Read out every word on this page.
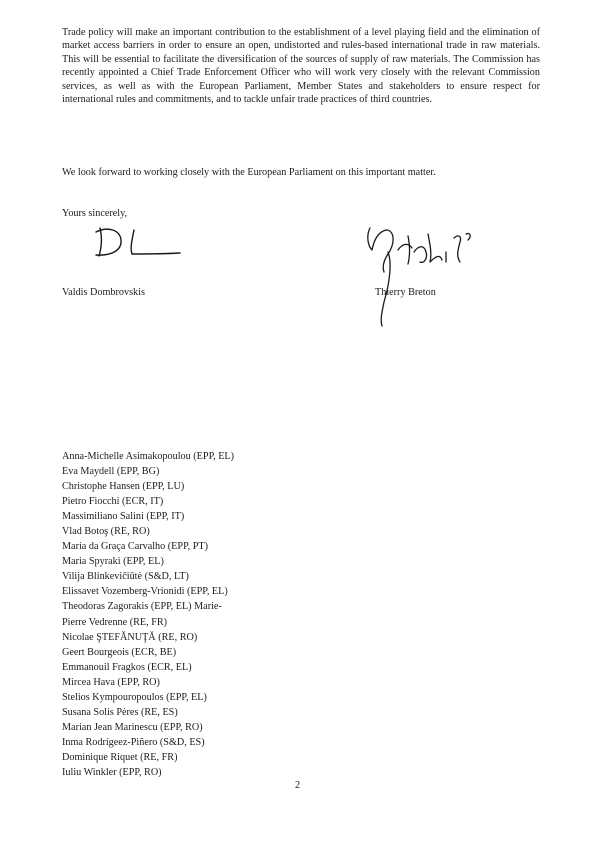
Trade policy will make an important contribution to the establishment of a level playing field and the elimination of market access barriers in order to ensure an open, undistorted and rules-based international trade in raw materials. This will be essential to facilitate the diversification of the sources of supply of raw materials. The Commission has recently appointed a Chief Trade Enforcement Officer who will work very closely with the relevant Commission services, as well as with the European Parliament, Member States and stakeholders to ensure respect for international rules and commitments, and to tackle unfair trade practices of third countries.

We look forward to working closely with the European Parliament on this important matter.

Yours sincerely,
Valdis Dombrovskis	Thierry Breton
Anna-Michelle Asimakopoulou (EPP, EL)
Eva Maydell (EPP, BG)
Christophe Hansen (EPP, LU)
Pietro Fiocchi (ECR, IT)
Massimiliano Salini (EPP, IT)
Vlad Botoş (RE, RO)
Maria da Graça Carvalho (EPP, PT)
Maria Spyraki (EPP, EL)
Vilija Blinkevičiūtė (S&D, LT)
Elissavet Vozemberg-Vrionidi (EPP, EL)
Theodoras Zagorakis (EPP, EL) Marie-
Pierre Vedrenne (RE, FR)
Nicolae ŞTEFĂNUŢĂ (RE, RO)
Geert Bourgeois (ECR, BE)
Emmanouil Fragkos (ECR, EL)
Mircea Hava (EPP, RO)
Stelios Kympouropoulos (EPP, EL)
Susana Solis Pėres (RE, ES)
Marian Jean Marinescu (EPP, RO)
Inma Rodrígeez-Piñero (S&D, ES)
Dominique Riquet (RE, FR)
Iuliu Winkler (EPP, RO)
2
